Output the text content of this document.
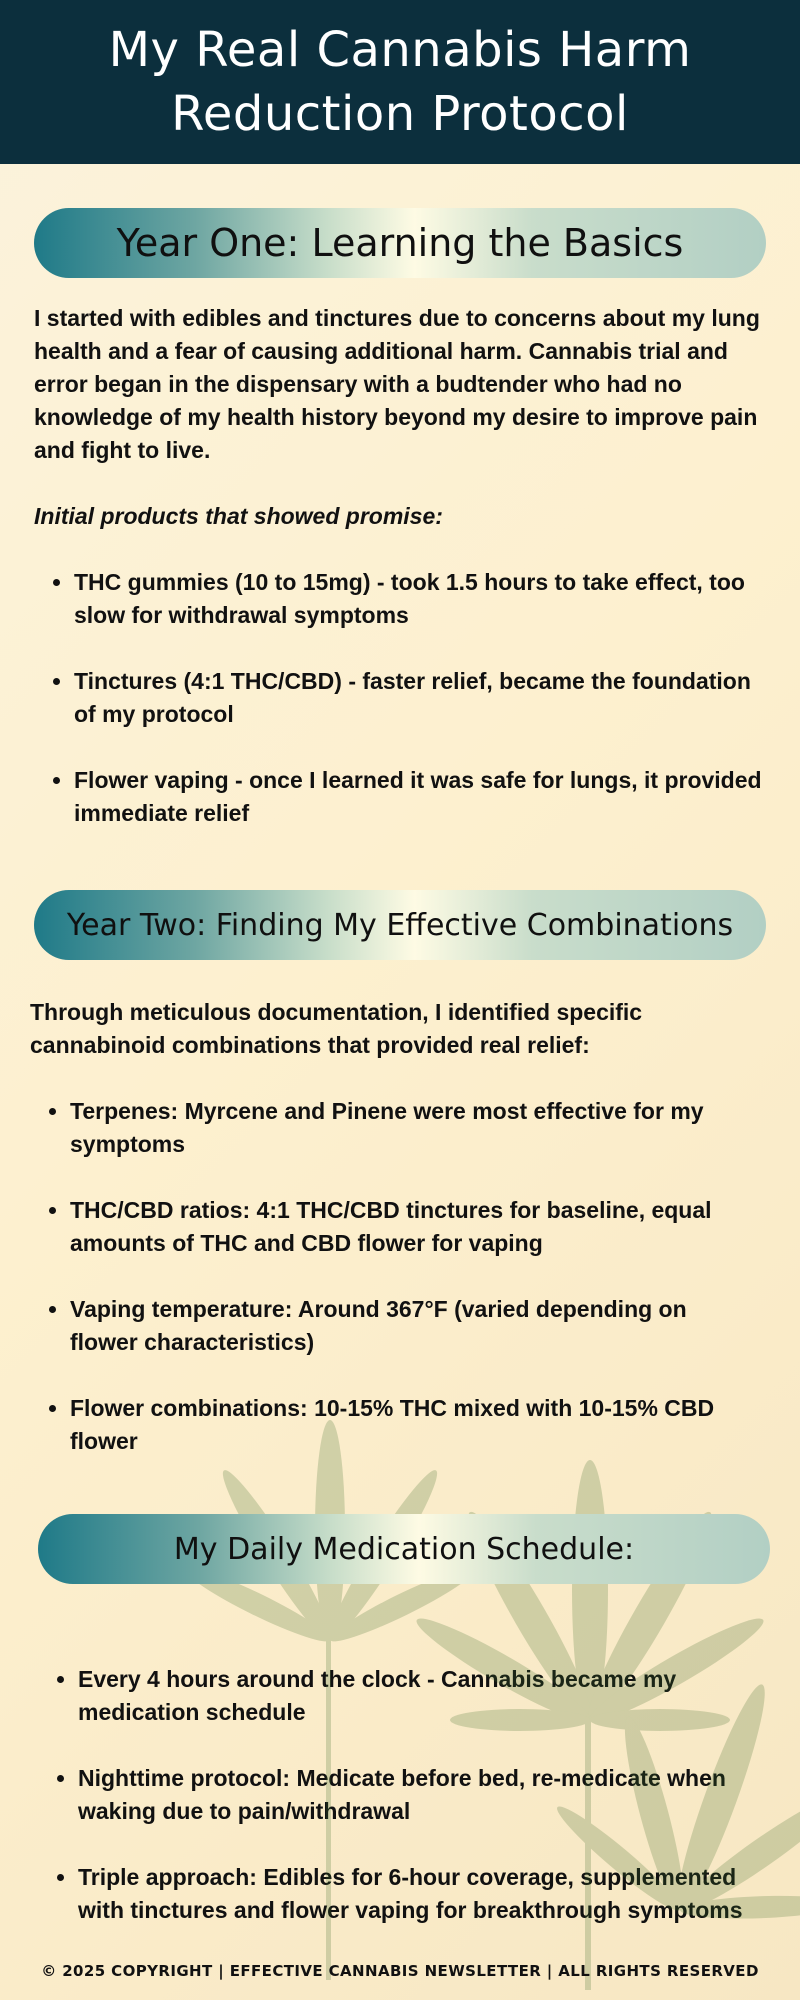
My Real Cannabis Harm
Reduction Protocol
Year One: Learning the Basics

I started with edibles and tinctures due to concerns about my lung health and a fear of causing additional harm. Cannabis trial and error began in the dispensary with a budtender who had no knowledge of my health history beyond my desire to improve pain and fight to live.

Initial products that showed promise:

• THC gummies (10 to 15mg) - took 1.5 hours to take effect, too slow for withdrawal symptoms
• Tinctures (4:1 THC/CBD) - faster relief, became the foundation of my protocol
• Flower vaping - once I learned it was safe for lungs, it provided immediate relief
Year Two: Finding My Effective Combinations

Through meticulous documentation, I identified specific cannabinoid combinations that provided real relief:

• Terpenes: Myrcene and Pinene were most effective for my symptoms
• THC/CBD ratios: 4:1 THC/CBD tinctures for baseline, equal amounts of THC and CBD flower for vaping
• Vaping temperature: Around 367°F (varied depending on flower characteristics)
• Flower combinations: 10-15% THC mixed with 10-15% CBD flower
My Daily Medication Schedule:
• Every 4 hours around the clock - Cannabis became my medication schedule
• Nighttime protocol: Medicate before bed, re-medicate when waking due to pain/withdrawal
• Triple approach: Edibles for 6-hour coverage, supplemented with tinctures and flower vaping for breakthrough symptoms
© 2025 COPYRIGHT | EFFECTIVE CANNABIS NEWSLETTER | ALL RIGHTS RESERVED
